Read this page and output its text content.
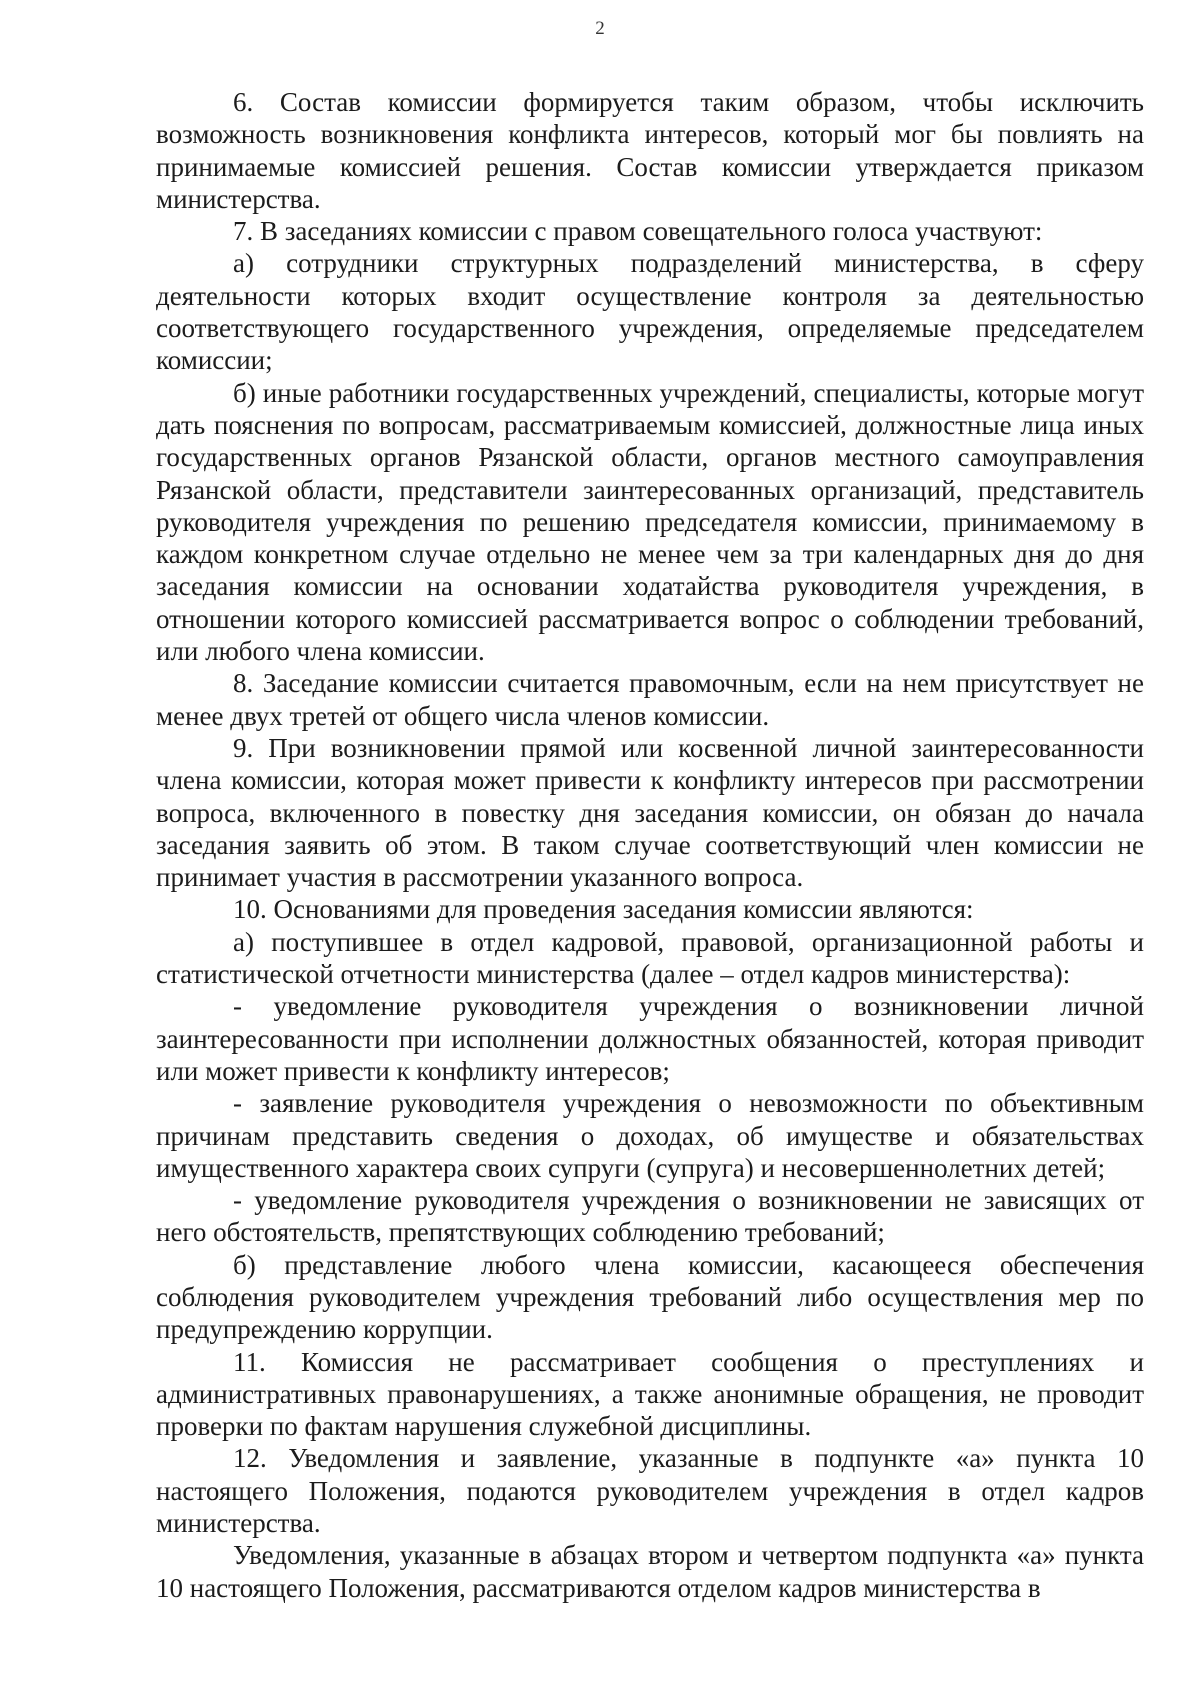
2

6. Состав комиссии формируется таким образом, чтобы исключить возможность возникновения конфликта интересов, который мог бы повлиять на принимаемые комиссией решения. Состав комиссии утверждается приказом министерства.

7. В заседаниях комиссии с правом совещательного голоса участвуют:

а) сотрудники структурных подразделений министерства, в сферу деятельности которых входит осуществление контроля за деятельностью соответствующего государственного учреждения, определяемые председателем комиссии;

б) иные работники государственных учреждений, специалисты, которые могут дать пояснения по вопросам, рассматриваемым комиссией, должностные лица иных государственных органов Рязанской области, органов местного самоуправления Рязанской области, представители заинтересованных организаций, представитель руководителя учреждения по решению председателя комиссии, принимаемому в каждом конкретном случае отдельно не менее чем за три календарных дня до дня заседания комиссии на основании ходатайства руководителя учреждения, в отношении которого комиссией рассматривается вопрос о соблюдении требований, или любого члена комиссии.

8. Заседание комиссии считается правомочным, если на нем присутствует не менее двух третей от общего числа членов комиссии.

9. При возникновении прямой или косвенной личной заинтересованности члена комиссии, которая может привести к конфликту интересов при рассмотрении вопроса, включенного в повестку дня заседания комиссии, он обязан до начала заседания заявить об этом. В таком случае соответствующий член комиссии не принимает участия в рассмотрении указанного вопроса.

10. Основаниями для проведения заседания комиссии являются:

а) поступившее в отдел кадровой, правовой, организационной работы и статистической отчетности министерства (далее – отдел кадров министерства):

- уведомление руководителя учреждения о возникновении личной заинтересованности при исполнении должностных обязанностей, которая приводит или может привести к конфликту интересов;

- заявление руководителя учреждения о невозможности по объективным причинам представить сведения о доходах, об имуществе и обязательствах имущественного характера своих супруги (супруга) и несовершеннолетних детей;

- уведомление руководителя учреждения о возникновении не зависящих от него обстоятельств, препятствующих соблюдению требований;

б) представление любого члена комиссии, касающееся обеспечения соблюдения руководителем учреждения требований либо осуществления мер по предупреждению коррупции.

11. Комиссия не рассматривает сообщения о преступлениях и административных правонарушениях, а также анонимные обращения, не проводит проверки по фактам нарушения служебной дисциплины.

12. Уведомления и заявление, указанные в подпункте «а» пункта 10 настоящего Положения, подаются руководителем учреждения в отдел кадров министерства.

Уведомления, указанные в абзацах втором и четвертом подпункта «а» пункта 10 настоящего Положения, рассматриваются отделом кадров министерства в
